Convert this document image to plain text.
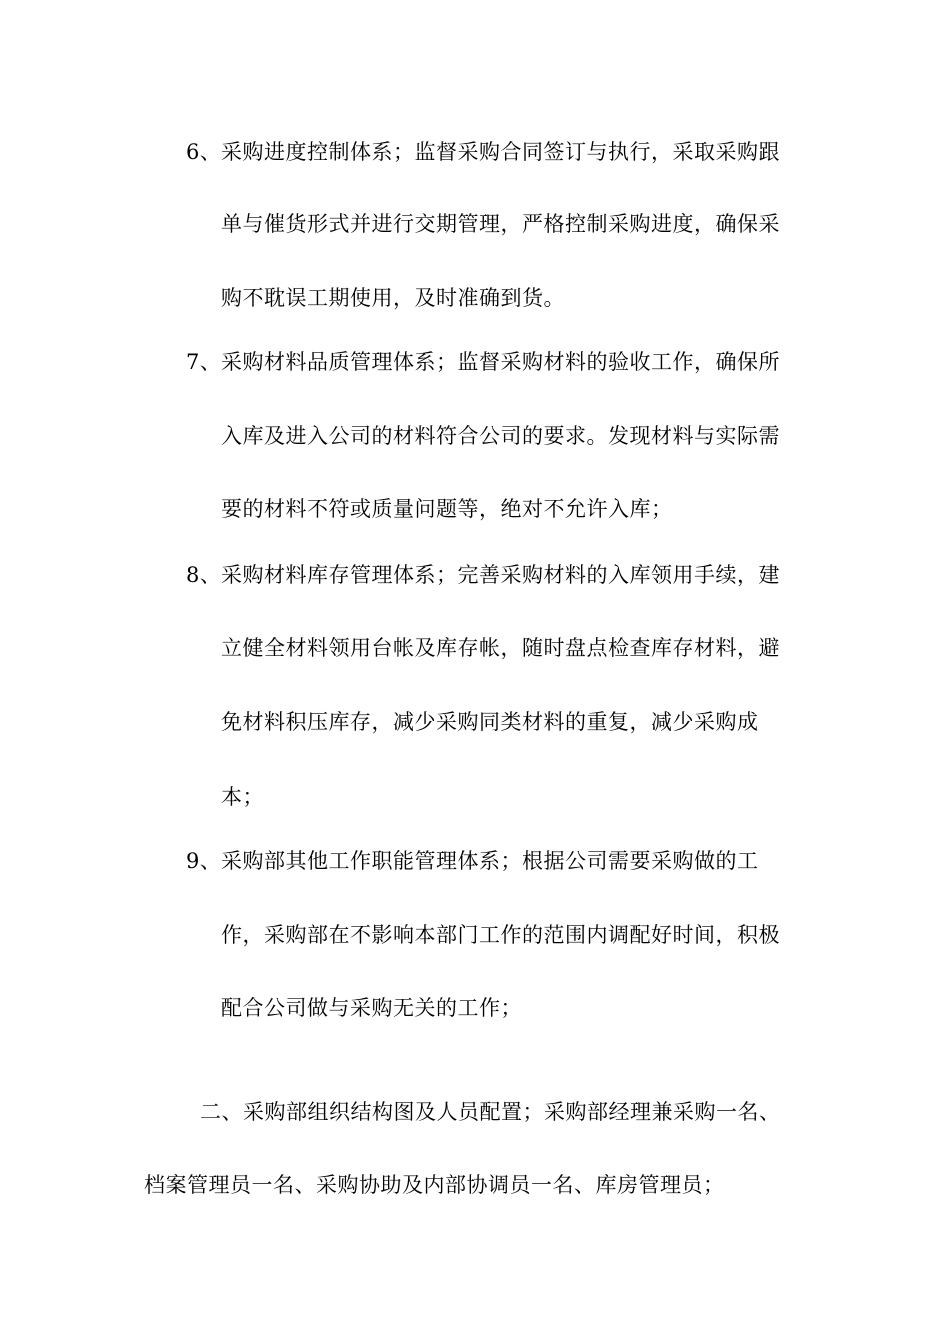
6、 采购进度控制体系；监督采购合同签订与执行，采取采购跟
单与催货形式并进行交期管理，严格控制采购进度，确保采
购不耽误工期使用，及时准确到货。
7、 采购材料品质管理体系；监督采购材料的验收工作，确保所
入库及进入公司的材料符合公司的要求。发现材料与实际需
要的材料不符或质量问题等，绝对不允许入库；
8、 采购材料库存管理体系；完善采购材料的入库领用手续，建
立健全材料领用台帐及库存帐，随时盘点检查库存材料，避
免材料积压库存，减少采购同类材料的重复，减少采购成
本；
9、 采购部其他工作职能管理体系；根据公司需要采购做的工
作，采购部在不影响本部门工作的范围内调配好时间，积极
配合公司做与采购无关的工作；
二、采购部组织结构图及人员配置；采购部经理兼采购一名、
档案管理员一名、采购协助及内部协调员一名、库房管理员；
